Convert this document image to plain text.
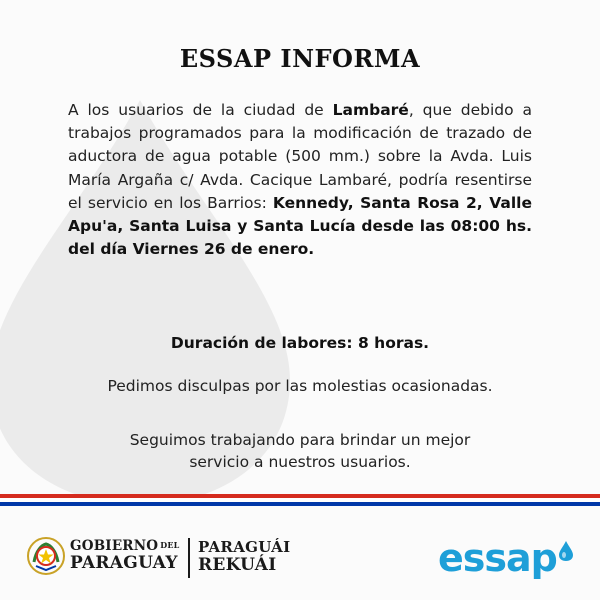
ESSAP INFORMA
A los usuarios de la ciudad de Lambaré, que debido a trabajos programados para la modificación de trazado de aductora de agua potable (500 mm.) sobre la Avda. Luis María Argaña c/ Avda. Cacique Lambaré, podría resentirse el servicio en los Barrios: Kennedy, Santa Rosa 2, Valle Apu'a, Santa Luisa y Santa Lucía desde las 08:00 hs. del día Viernes 26 de enero.
Duración de labores: 8 horas.
Pedimos disculpas por las molestias ocasionadas.
Seguimos trabajando para brindar un mejor servicio a nuestros usuarios.
GOBIERNO DEL
PARAGUAY
PARAGUÁI
REKUÁI	essap
